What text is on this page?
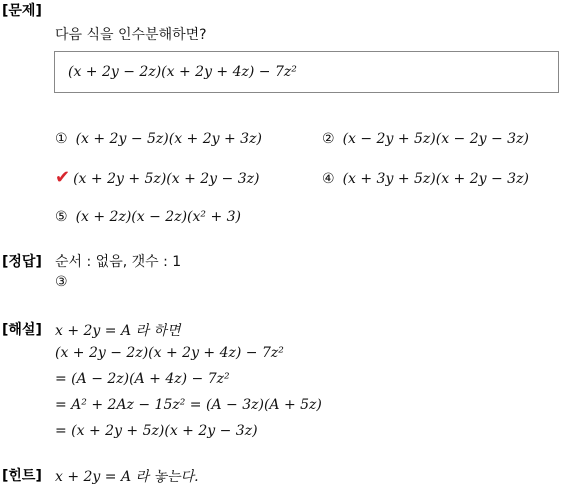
[문제]
다음 식을 인수분해하면?
(x + 2y − 2z)(x + 2y + 4z) − 7z²
① (x + 2y − 5z)(x + 2y + 3z)	② (x − 2y + 5z)(x − 2y − 3z)
✔ (x + 2y + 5z)(x + 2y − 3z)	④ (x + 3y + 5z)(x + 2y − 3z)
⑤ (x + 2z)(x − 2z)(x² + 3)
[정답] 순서 : 없음, 갯수 : 1
③
[해설] x + 2y = A 라 하면
(x + 2y − 2z)(x + 2y + 4z) − 7z²
= (A − 2z)(A + 4z) − 7z²
= A² + 2Az − 15z² = (A − 3z)(A + 5z)
= (x + 2y + 5z)(x + 2y − 3z)
[힌트] x + 2y = A 라 놓는다.
